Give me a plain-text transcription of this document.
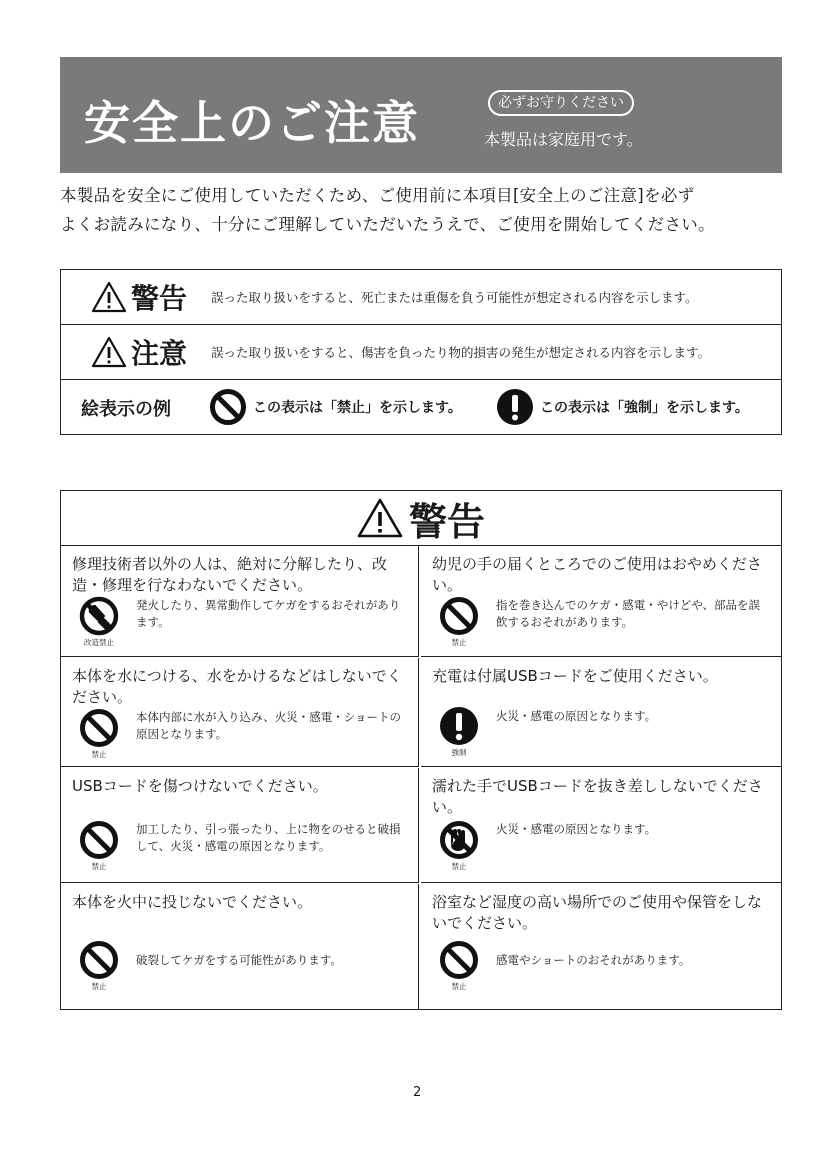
安全上のご注意	必ずお守りください
本製品は家庭用です。

本製品を安全にご使用していただくため、ご使用前に本項目[安全上のご注意]を必ず

よくお読みになり、十分にご理解していただいたうえで、ご使用を開始してください。

警告 誤った取り扱いをすると、死亡または重傷を負う可能性が想定される内容を示します。
注意 誤った取り扱いをすると、傷害を負ったり物的損害の発生が想定される内容を示します。
絵表示の例	この表示は「禁止」を示します。	この表示は「強制」を示します。
警告
修理技術者以外の人は、絶対に分解したり、改造・修理を行なわないでください。
改造禁止
発火したり、異常動作してケガをするおそれがあります。
幼児の手の届くところでのご使用はおやめください。
禁止
指を巻き込んでのケガ・感電・やけどや、部品を誤飲するおそれがあります。
本体を水につける、水をかけるなどはしないでください。
禁止
本体内部に水が入り込み、火災・感電・ショートの原因となります。
充電は付属USBコードをご使用ください。
強制
火災・感電の原因となります。
USBコードを傷つけないでください。
禁止
加工したり、引っ張ったり、上に物をのせると破損して、火災・感電の原因となります。
濡れた手でUSBコードを抜き差ししないでください。
禁止
火災・感電の原因となります。
本体を火中に投じないでください。
禁止
破裂してケガをする可能性があります。
浴室など湿度の高い場所でのご使用や保管をしないでください。
禁止
感電やショートのおそれがあります。
2
